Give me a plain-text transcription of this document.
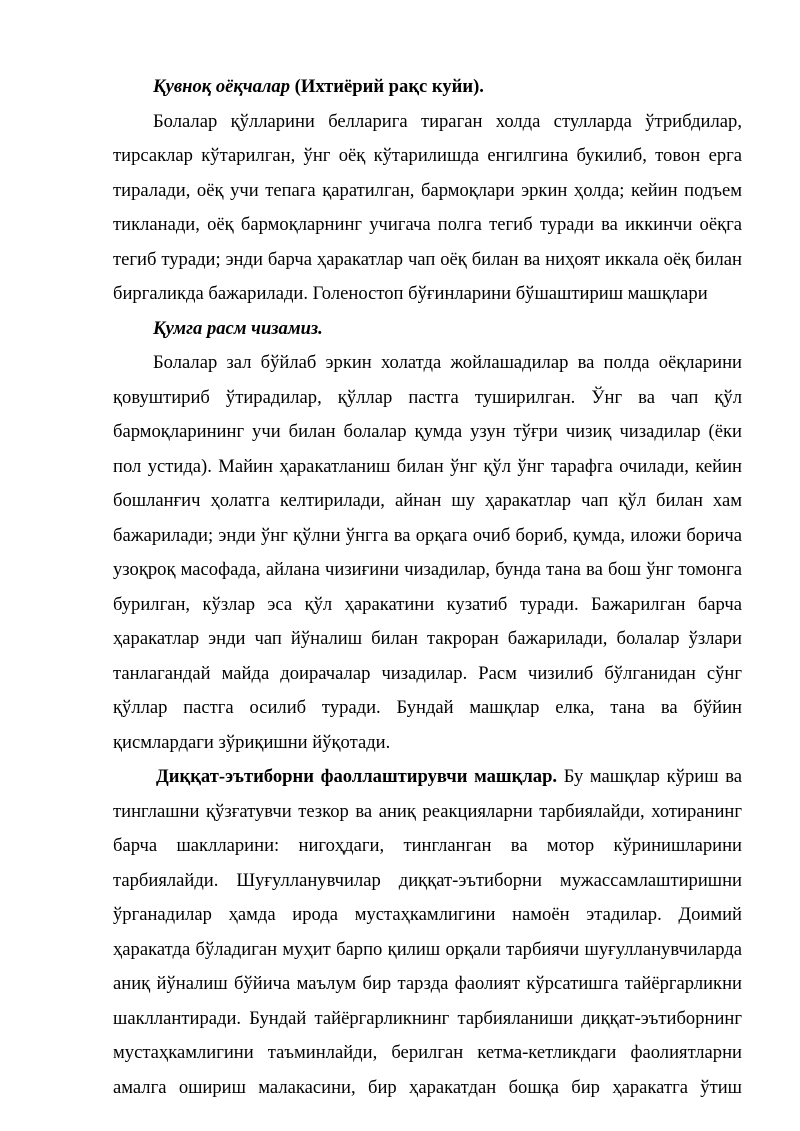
Қувноқ оёқчалар (Ихтиёрий рақс куйи).

Болалар қўлларини белларига тираган холда стулларда ўтрибдилар, тирсаклар кўтарилган, ўнг оёқ кўтарилишда енгилгина букилиб, товон ерга тиралади, оёқ учи тепага қаратилган, бармоқлари эркин ҳолда; кейин подъем тикланади, оёқ бармоқларнинг учигача полга тегиб туради ва иккинчи оёқга тегиб туради; энди барча ҳаракатлар чап оёқ билан ва ниҳоят иккала оёқ билан биргаликда бажарилади. Голеностоп бўғинларини бўшаштириш машқлари

Қумга расм чизамиз.

Болалар зал бўйлаб эркин холатда жойлашадилар ва полда оёқларини қовуштириб ўтирадилар, қўллар пастга туширилган. Ўнг ва чап қўл бармоқларининг учи билан болалар қумда узун тўғри чизиқ чизадилар (ёки пол устида). Майин ҳаракатланиш билан ўнг қўл ўнг тарафга очилади, кейин бошланғич ҳолатга келтирилади, айнан шу ҳаракатлар чап қўл билан хам бажарилади; энди ўнг қўлни ўнгга ва орқага очиб бориб, қумда, иложи борича узоқроқ масофада, айлана чизиғини чизадилар, бунда тана ва бош ўнг томонга бурилган, кўзлар эса қўл ҳаракатини кузатиб туради. Бажарилган барча ҳаракатлар энди чап йўналиш билан такроран бажарилади, болалар ўзлари танлагандай майда доирачалар чизадилар. Расм чизилиб бўлганидан сўнг қўллар пастга осилиб туради. Бундай машқлар елка, тана ва бўйин қисмлардаги зўриқишни йўқотади.

Диққат-эътиборни фаоллаштирувчи машқлар. Бу машқлар кўриш ва тинглашни қўзғатувчи тезкор ва аниқ реакцияларни тарбиялайди, хотиранинг барча шаклларини: нигоҳдаги, тингланган ва мотор кўринишларини тарбиялайди. Шуғулланувчилар диққат-эътиборни мужассамлаштиришни ўрганадилар ҳамда ирода мустаҳкамлигини намоён этадилар. Доимий ҳаракатда бўладиган муҳит барпо қилиш орқали тарбиячи шуғулланувчиларда аниқ йўналиш бўйича маълум бир тарзда фаолият кўрсатишга тайёргарликни шакллантиради. Бундай тайёргарликнинг тарбияланиши диққат-эътиборнинг мустаҳкамлигини таъминлайди, берилган кетма-кетликдаги фаолиятларни амалга ошириш малакасини, бир ҳаракатдан бошқа бир ҳаракатга ўтиш
